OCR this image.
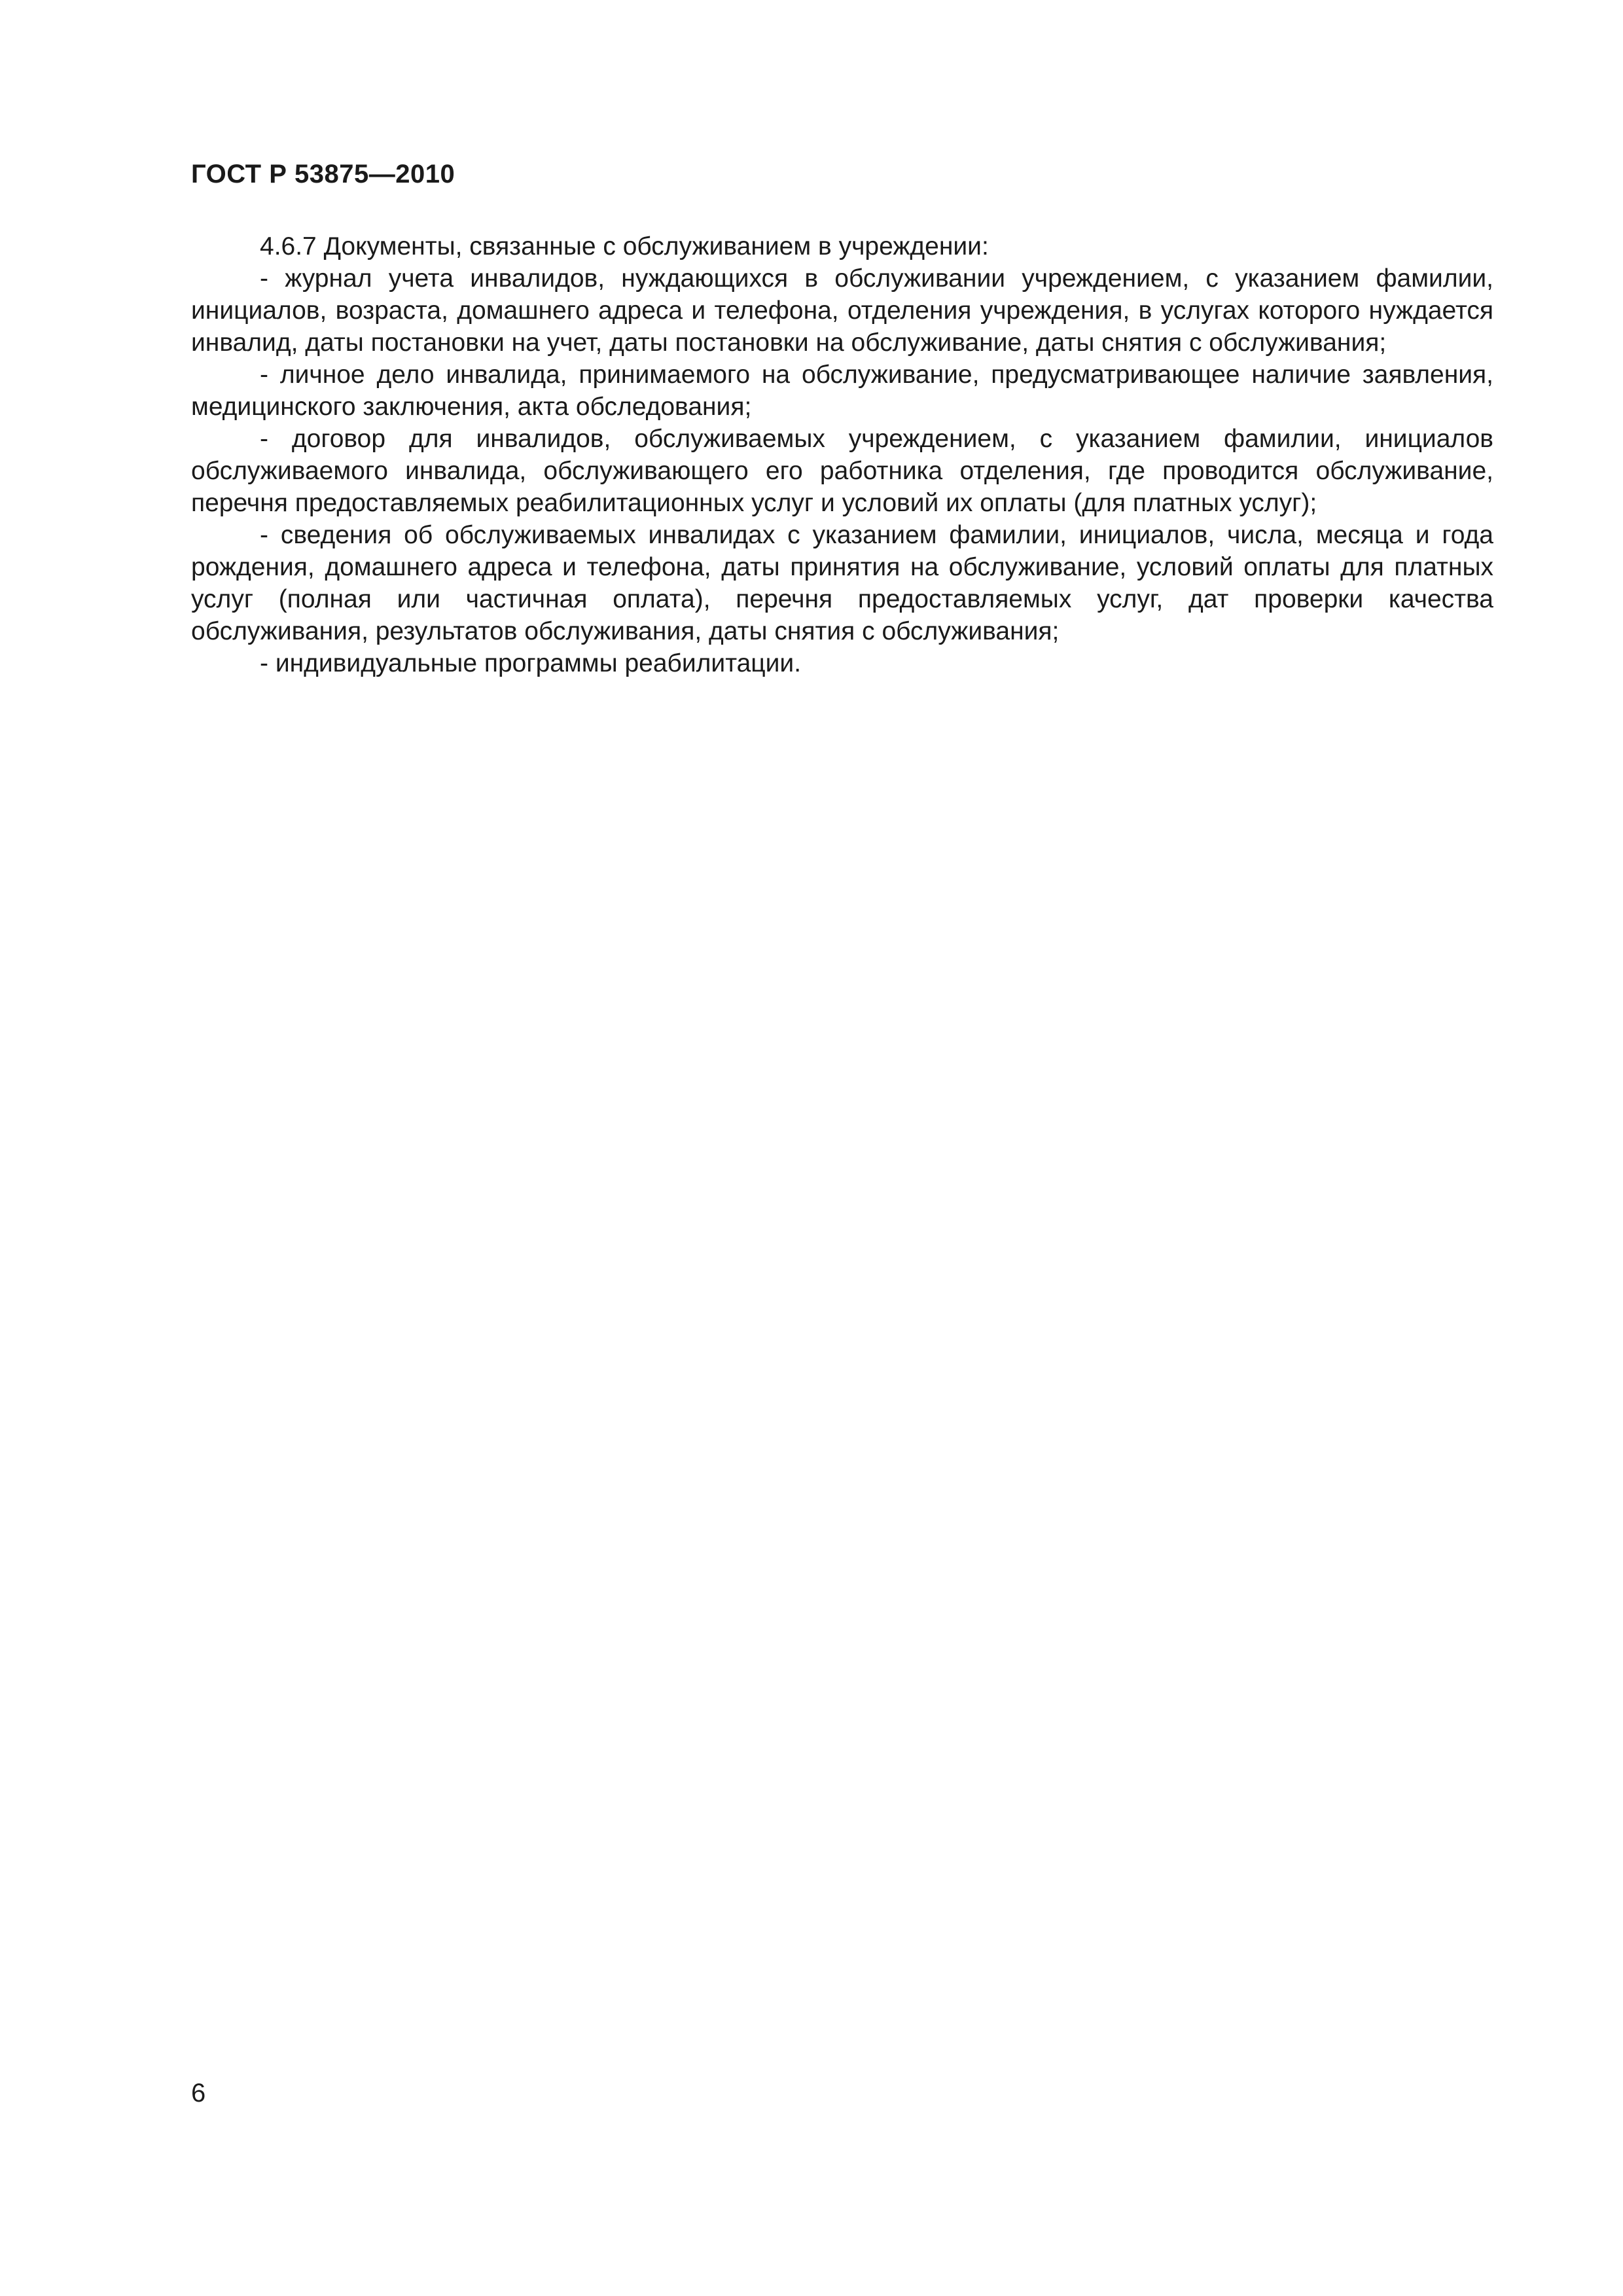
ГОСТ Р 53875—2010

4.6.7 Документы, связанные с обслуживанием в учреждении:

- журнал учета инвалидов, нуждающихся в обслуживании учреждением, с указанием фамилии, инициалов, возраста, домашнего адреса и телефона, отделения учреждения, в услугах которого нуждается инвалид, даты постановки на учет, даты постановки на обслуживание, даты снятия с обслуживания;

- личное дело инвалида, принимаемого на обслуживание, предусматривающее наличие заявления, медицинского заключения, акта обследования;

- договор для инвалидов, обслуживаемых учреждением, с указанием фамилии, инициалов обслуживаемого инвалида, обслуживающего его работника отделения, где проводится обслуживание, перечня предоставляемых реабилитационных услуг и условий их оплаты (для платных услуг);

- сведения об обслуживаемых инвалидах с указанием фамилии, инициалов, числа, месяца и года рождения, домашнего адреса и телефона, даты принятия на обслуживание, условий оплаты для платных услуг (полная или частичная оплата), перечня предоставляемых услуг, дат проверки качества обслуживания, результатов обслуживания, даты снятия с обслуживания;

- индивидуальные программы реабилитации.

6
